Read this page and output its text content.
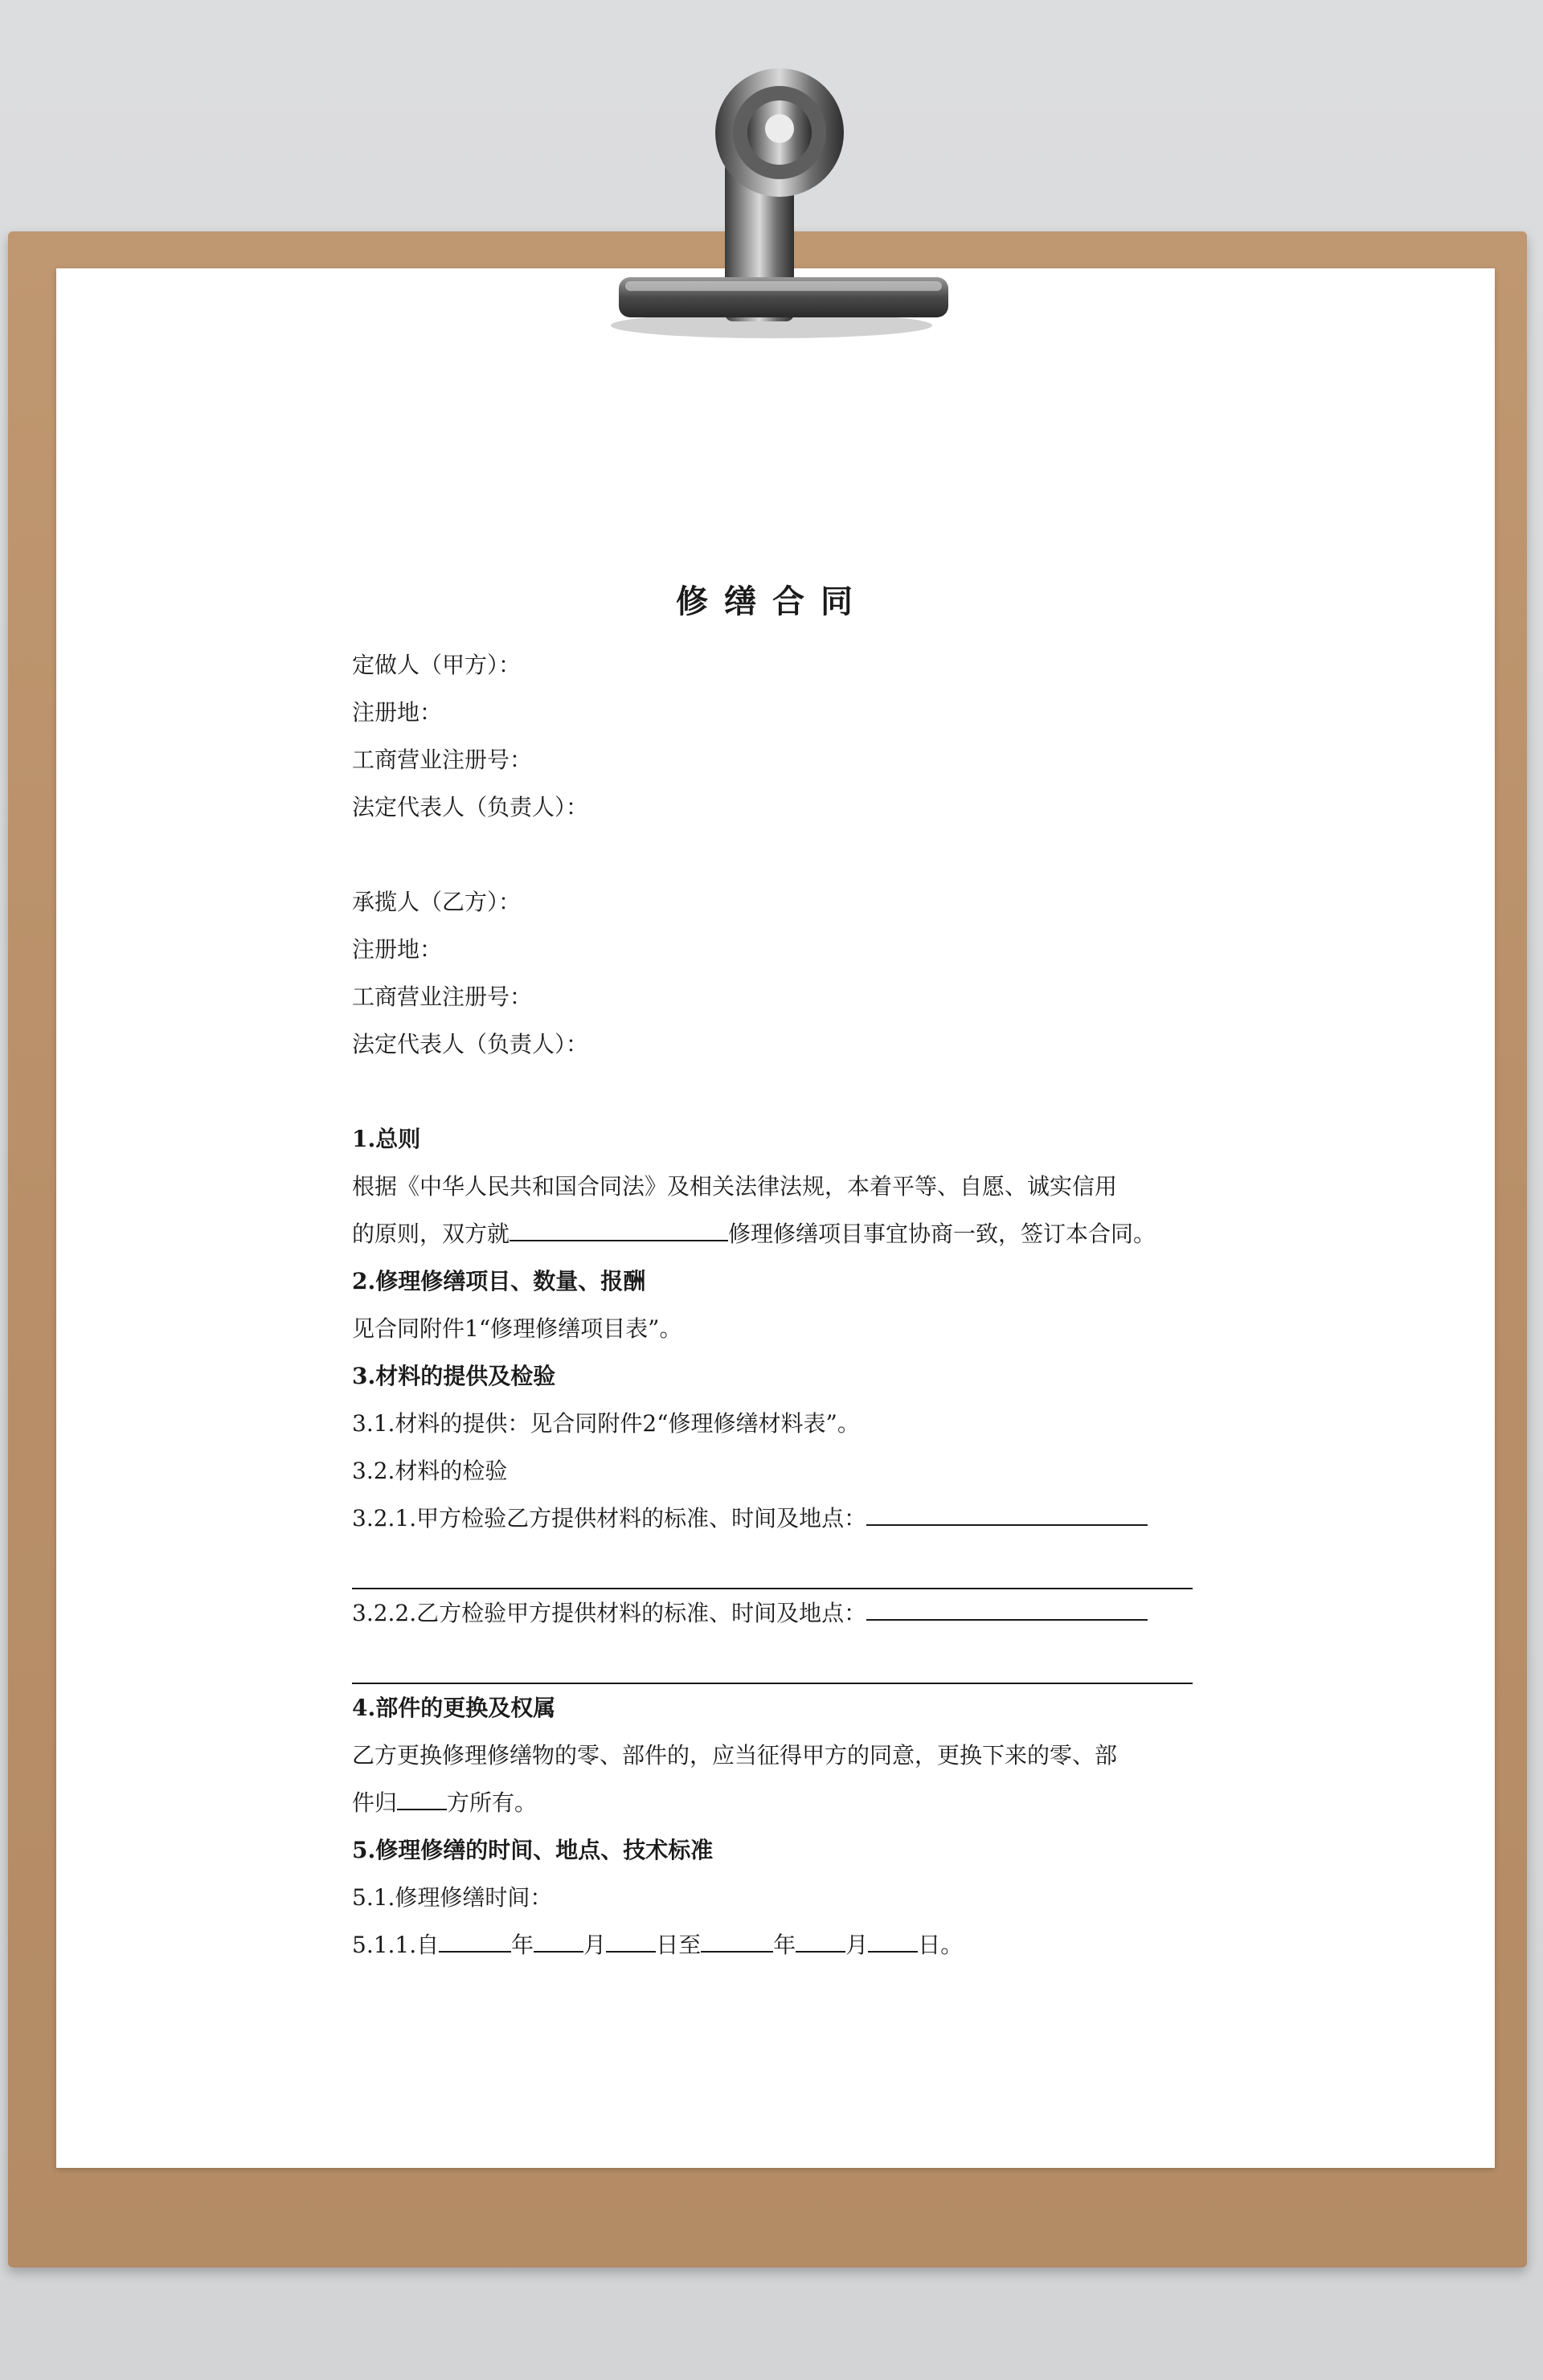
修缮合同
定做人（甲方）：
注册地：
工商营业注册号：
法定代表人（负责人）：
承揽人（乙方）：
注册地：
工商营业注册号：
法定代表人（负责人）：
1.总则
根据《中华人民共和国合同法》及相关法律法规，本着平等、自愿、诚实信用
的原则，双方就	修理修缮项目事宜协商一致，签订本合同。
2.修理修缮项目、数量、报酬
见合同附件1“修理修缮项目表”。
3.材料的提供及检验
3.1.材料的提供：见合同附件2“修理修缮材料表”。
3.2.材料的检验
3.2.1.甲方检验乙方提供材料的标准、时间及地点：
3.2.2.乙方检验甲方提供材料的标准、时间及地点：
4.部件的更换及权属
乙方更换修理修缮物的零、部件的，应当征得甲方的同意，更换下来的零、部
件归 方所有。
5.修理修缮的时间、地点、技术标准
5.1.修理修缮时间：
5.1.1.自	年 月 日至	年 月 日。
